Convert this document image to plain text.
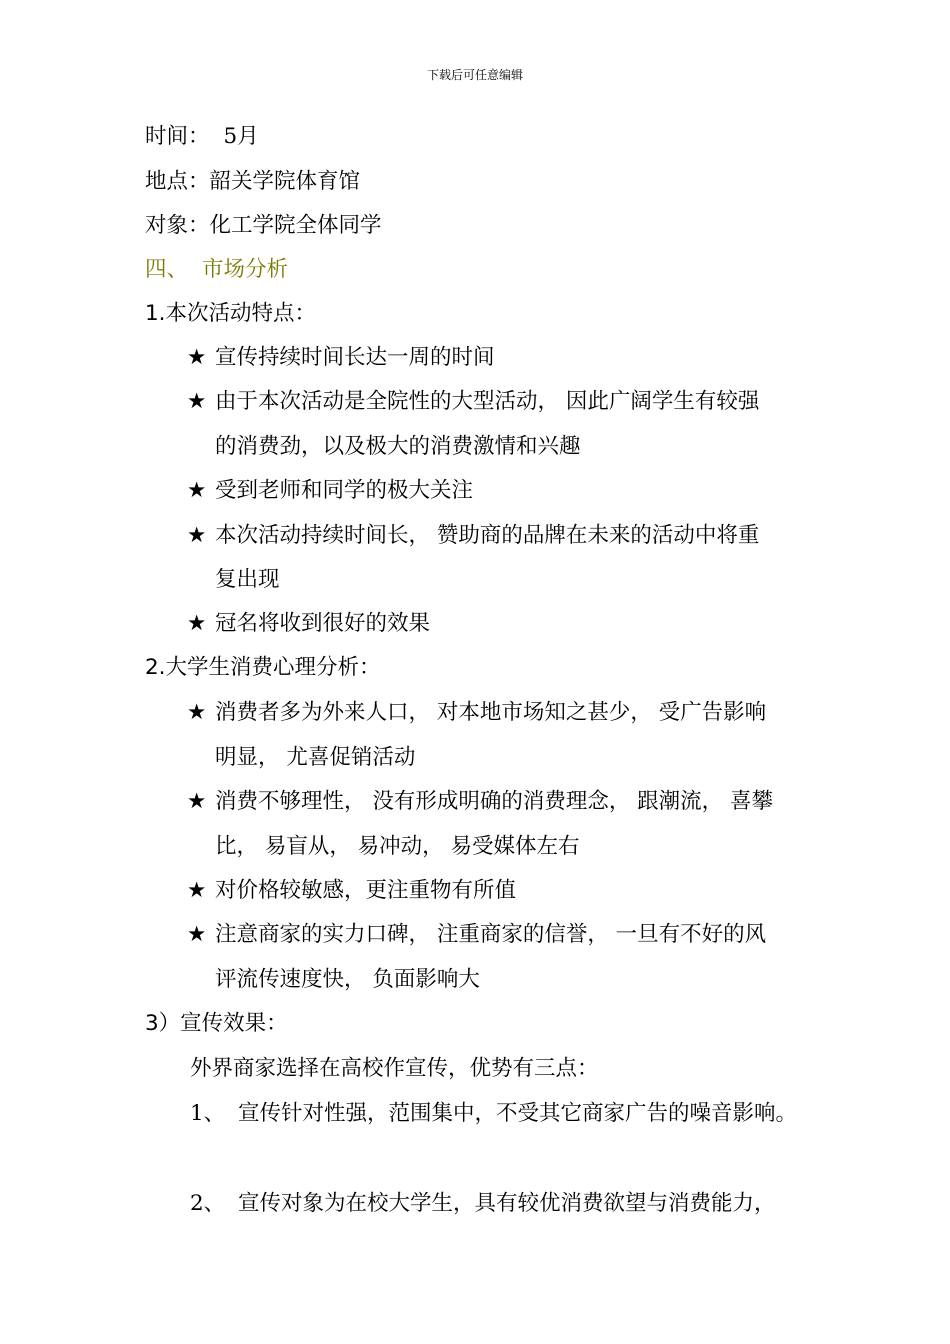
下载后可任意编辑
时间： 5月
地点：韶关学院体育馆
对象：化工学院全体同学
四、 市场分析
1.本次活动特点：
★ 宣传持续时间长达一周的时间
★ 由于本次活动是全院性的大型活动， 因此广阔学生有较强
的消费劲，以及极大的消费激情和兴趣
★ 受到老师和同学的极大关注
★ 本次活动持续时间长， 赞助商的品牌在未来的活动中将重
复出现
★ 冠名将收到很好的效果
2.大学生消费心理分析：
★ 消费者多为外来人口， 对本地市场知之甚少， 受广告影响
明显， 尤喜促销活动
★ 消费不够理性， 没有形成明确的消费理念， 跟潮流， 喜攀
比， 易盲从， 易冲动， 易受媒体左右
★ 对价格较敏感，更注重物有所值
★ 注意商家的实力口碑， 注重商家的信誉， 一旦有不好的风
评流传速度快， 负面影响大
3）宣传效果：
外界商家选择在高校作宣传，优势有三点：
1、 宣传针对性强，范围集中，不受其它商家广告的噪音影响。
2、 宣传对象为在校大学生，具有较优消费欲望与消费能力，
